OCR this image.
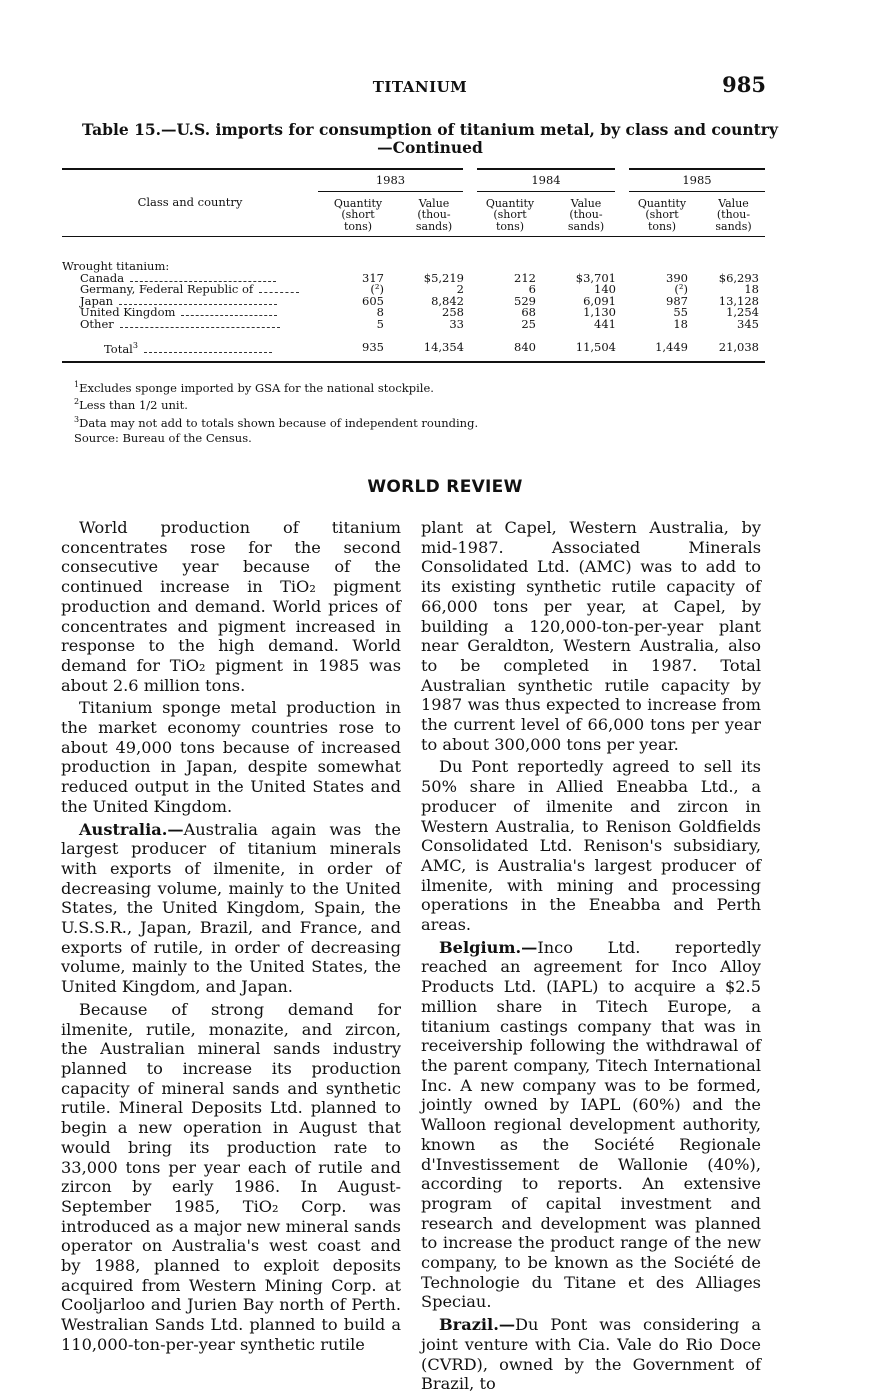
TITANIUM	985
Table 15.—U.S. imports for consumption of titanium metal, by class and country
—Continued
Class and country	1983		1984		1985	
	Quantity
(short
tons)	Value
(thou-
sands)	Quantity
(short
tons)	Value
(thou-
sands)	Quantity
(short
tons)	Value
(thou-
sands)

Wrought titanium:						
Canada	317	$5,219	212	$3,701	390	$6,293
Germany, Federal Republic of	(²)	2	6	140	(²)	18
Japan	605	8,842	529	6,091	987	13,128
United Kingdom	8	258	68	1,130	55	1,254
Other	5	33	25	441	18	345
Total$^3$	935	14,354	840	11,504	1,449	21,038
$^1$Excludes sponge imported by GSA for the national stockpile.
$^2$Less than 1/2 unit.
$^3$Data may not add to totals shown because of independent rounding.
Source: Bureau of the Census.
WORLD REVIEW

World production of titanium concentrates rose for the second consecutive year because of the continued increase in TiO₂ pigment production and demand. World prices of concentrates and pigment increased in response to the high demand. World demand for TiO₂ pigment in 1985 was about 2.6 million tons.

Titanium sponge metal production in the market economy countries rose to about 49,000 tons because of increased production in Japan, despite somewhat reduced output in the United States and the United Kingdom.

Australia.—Australia again was the largest producer of titanium minerals with exports of ilmenite, in order of decreasing volume, mainly to the United States, the United Kingdom, Spain, the U.S.S.R., Japan, Brazil, and France, and exports of rutile, in order of decreasing volume, mainly to the United States, the United Kingdom, and Japan.

Because of strong demand for ilmenite, rutile, monazite, and zircon, the Australian mineral sands industry planned to increase its production capacity of mineral sands and synthetic rutile. Mineral Deposits Ltd. planned to begin a new operation in August that would bring its production rate to 33,000 tons per year each of rutile and zircon by early 1986. In August-September 1985, TiO₂ Corp. was introduced as a major new mineral sands operator on Australia's west coast and by 1988, planned to exploit deposits acquired from Western Mining Corp. at Cooljarloo and Jurien Bay north of Perth. Westralian Sands Ltd. planned to build a 110,000-ton-per-year synthetic rutile

plant at Capel, Western Australia, by mid-1987. Associated Minerals Consolidated Ltd. (AMC) was to add to its existing synthetic rutile capacity of 66,000 tons per year, at Capel, by building a 120,000-ton-per-year plant near Geraldton, Western Australia, also to be completed in 1987. Total Australian synthetic rutile capacity by 1987 was thus expected to increase from the current level of 66,000 tons per year to about 300,000 tons per year.

Du Pont reportedly agreed to sell its 50% share in Allied Eneabba Ltd., a producer of ilmenite and zircon in Western Australia, to Renison Goldfields Consolidated Ltd. Renison's subsidiary, AMC, is Australia's largest producer of ilmenite, with mining and processing operations in the Eneabba and Perth areas.

Belgium.—Inco Ltd. reportedly reached an agreement for Inco Alloy Products Ltd. (IAPL) to acquire a $2.5 million share in Titech Europe, a titanium castings company that was in receivership following the withdrawal of the parent company, Titech International Inc. A new company was to be formed, jointly owned by IAPL (60%) and the Walloon regional development authority, known as the Société Regionale d'Investissement de Wallonie (40%), according to reports. An extensive program of capital investment and research and development was planned to increase the product range of the new company, to be known as the Société de Technologie du Titane et des Alliages Speciau.

Brazil.—Du Pont was considering a joint venture with Cia. Vale do Rio Doce (CVRD), owned by the Government of Brazil, to
